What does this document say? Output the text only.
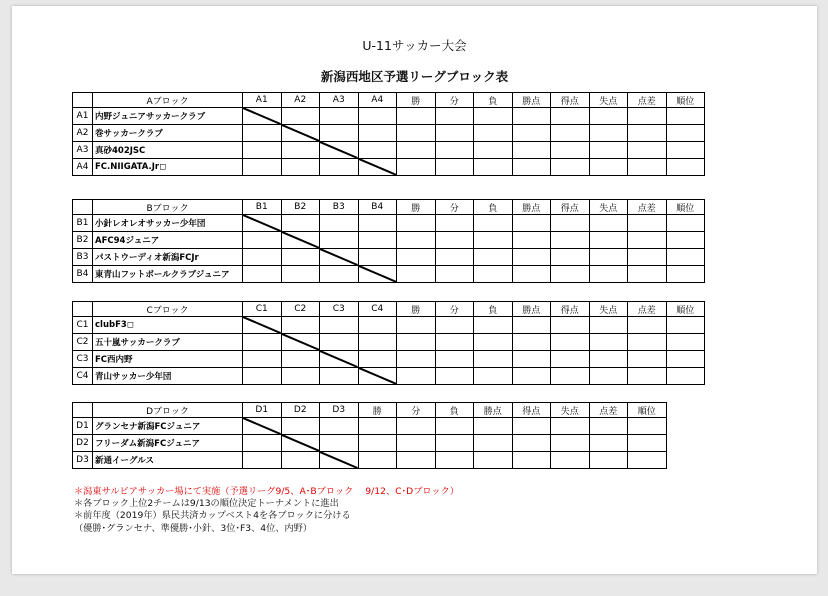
U-11サッカー大会
新潟西地区予選リーグブロック表
	Aブロック	A1	A2	A3	A4	勝	分	負	勝点	得点	失点	点差	順位
A1	内野ジュニアサッカークラブ	

A2	巻サッカークラブ		

A3	真砂402JSC			

A4	FC.NIIGATA.Jr◻				

	Bブロック	B1	B2	B3	B4	勝	分	負	勝点	得点	失点	点差	順位
B1	小針レオレオサッカー少年団	

B2	AFC94ジュニア		

B3	パストウーディオ新潟FCJr			

B4	東青山フットボールクラブジュニア				

	Cブロック	C1	C2	C3	C4	勝	分	負	勝点	得点	失点	点差	順位
C1	clubF3◻	

C2	五十嵐サッカークラブ		

C3	FC西内野			

C4	青山サッカー少年団				

	Dブロック	D1	D2	D3	勝	分	負	勝点	得点	失点	点差	順位
D1	グランセナ新潟FCジュニア	

D2	フリーダム新潟FCジュニア		

D3	新通イーグルス			

＊潟東サルビアサッカー場にて実施（予選リーグ9/5、A･Bブロック　 9/12、C･Dブロック）
＊各ブロック上位2チームは9/13の順位決定トーナメントに進出
＊前年度（2019年）県民共済カップベスト4を各ブロックに分ける
（優勝･グランセナ、準優勝･小針、3位･F3、4位、内野）
